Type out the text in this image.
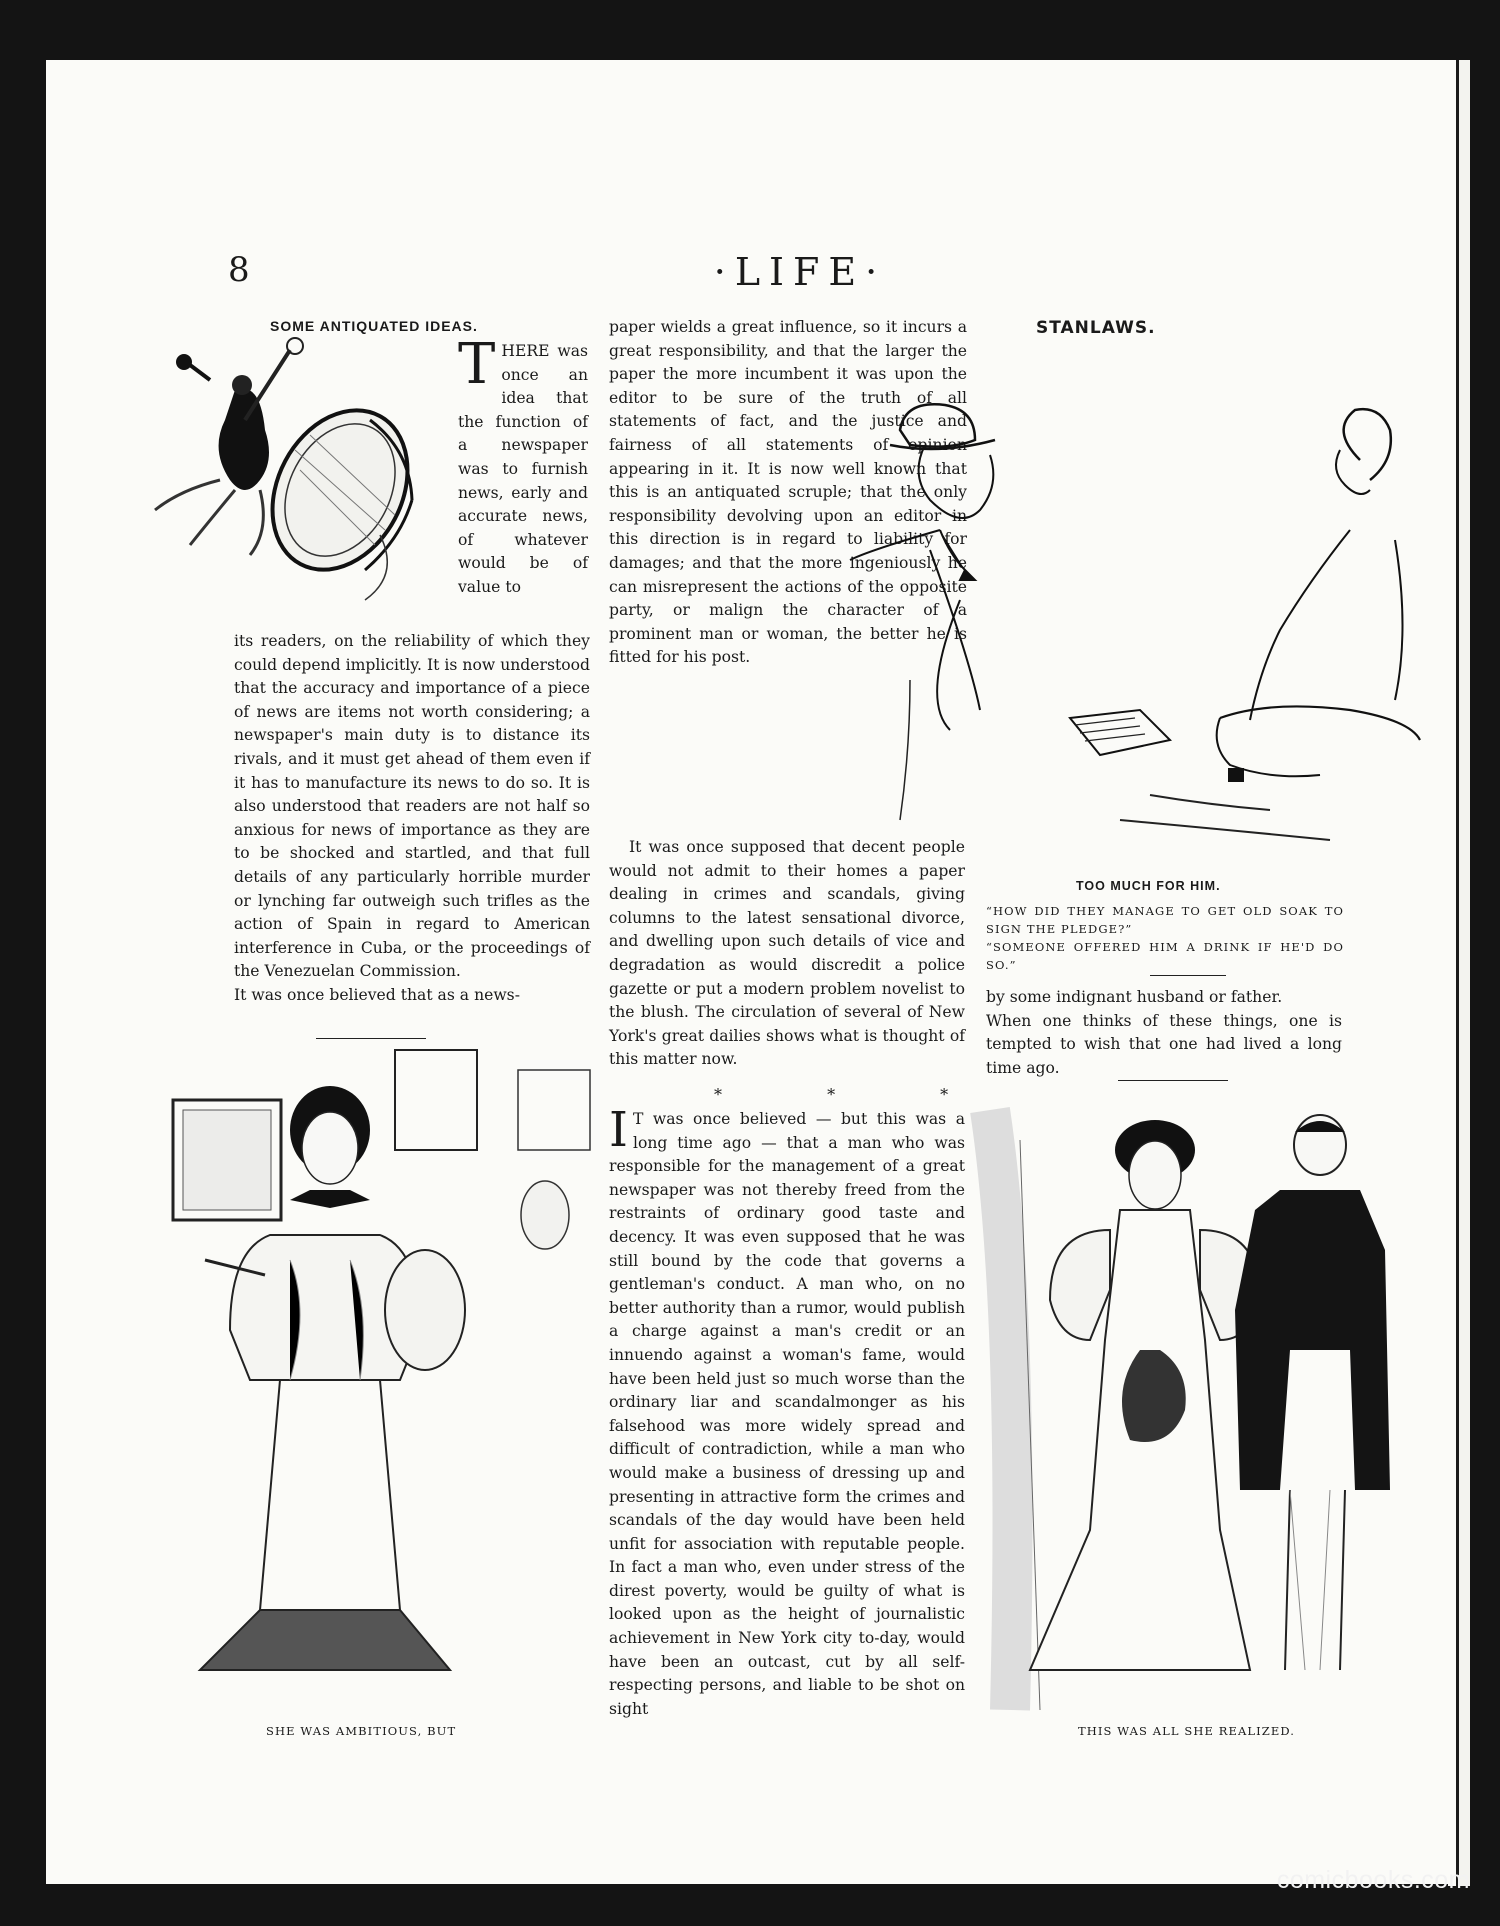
8	·LIFE·
SOME ANTIQUATED IDEAS.
THERE was once an idea that the function of a newspaper was to furnish news, early and accurate news, of whatever would be of value to
its readers, on the reliability of which they could depend implicitly. It is now understood that the accuracy and importance of a piece of news are items not worth considering; a newspaper's main duty is to distance its rivals, and it must get ahead of them even if it has to manufacture its news to do so. It is also understood that readers are not half so anxious for news of importance as they are to be shocked and startled, and that full details of any particularly horrible murder or lynching far outweigh such trifles as the action of Spain in regard to American interference in Cuba, or the proceedings of the Venezuelan Commission.
It was once believed that as a news-
SHE WAS AMBITIOUS, BUT
paper wields a great influence, so it incurs a great responsibility, and that the larger the paper the more incumbent it was upon the editor to be sure of the truth of all statements of fact, and the justice and fairness of all statements of opinion appearing in it. It is now well known that this is an antiquated scruple; that the only responsibility devolving upon an editor in this direction is in regard to liability for damages; and that the more ingeniously he can misrepresent the actions of the opposite party, or malign the character of a prominent man or woman, the better he is fitted for his post.
It was once supposed that decent people would not admit to their homes a paper dealing in crimes and scandals, giving columns to the latest sensational divorce, and dwelling upon such details of vice and degradation as would discredit a police gazette or put a modern problem novelist to the blush. The circulation of several of New York's great dailies shows what is thought of this matter now.
* * *
I T was once believed — but this was a long time ago — that a man who was responsible for the management of a great newspaper was not thereby freed from the restraints of ordinary good taste and decency. It was even supposed that he was still bound by the code that governs a gentleman's conduct. A man who, on no better authority than a rumor, would publish a charge against a man's credit or an innuendo against a woman's fame, would have been held just so much worse than the ordinary liar and scandalmonger as his falsehood was more widely spread and difficult of contradiction, while a man who would make a business of dressing up and presenting in attractive form the crimes and scandals of the day would have been held unfit for association with reputable people. In fact a man who, even under stress of the direst poverty, would be guilty of what is looked upon as the height of journalistic achievement in New York city to-day, would have been an outcast, cut by all self-respecting persons, and liable to be shot on sight
STANLAWS.
TOO MUCH FOR HIM.
“HOW DID THEY MANAGE TO GET OLD SOAK TO SIGN THE PLEDGE?”
“SOMEONE OFFERED HIM A DRINK IF HE'D DO SO.”
by some indignant husband or father.
When one thinks of these things, one is tempted to wish that one had lived a long time ago.
THIS WAS ALL SHE REALIZED.
comicbooks.com
